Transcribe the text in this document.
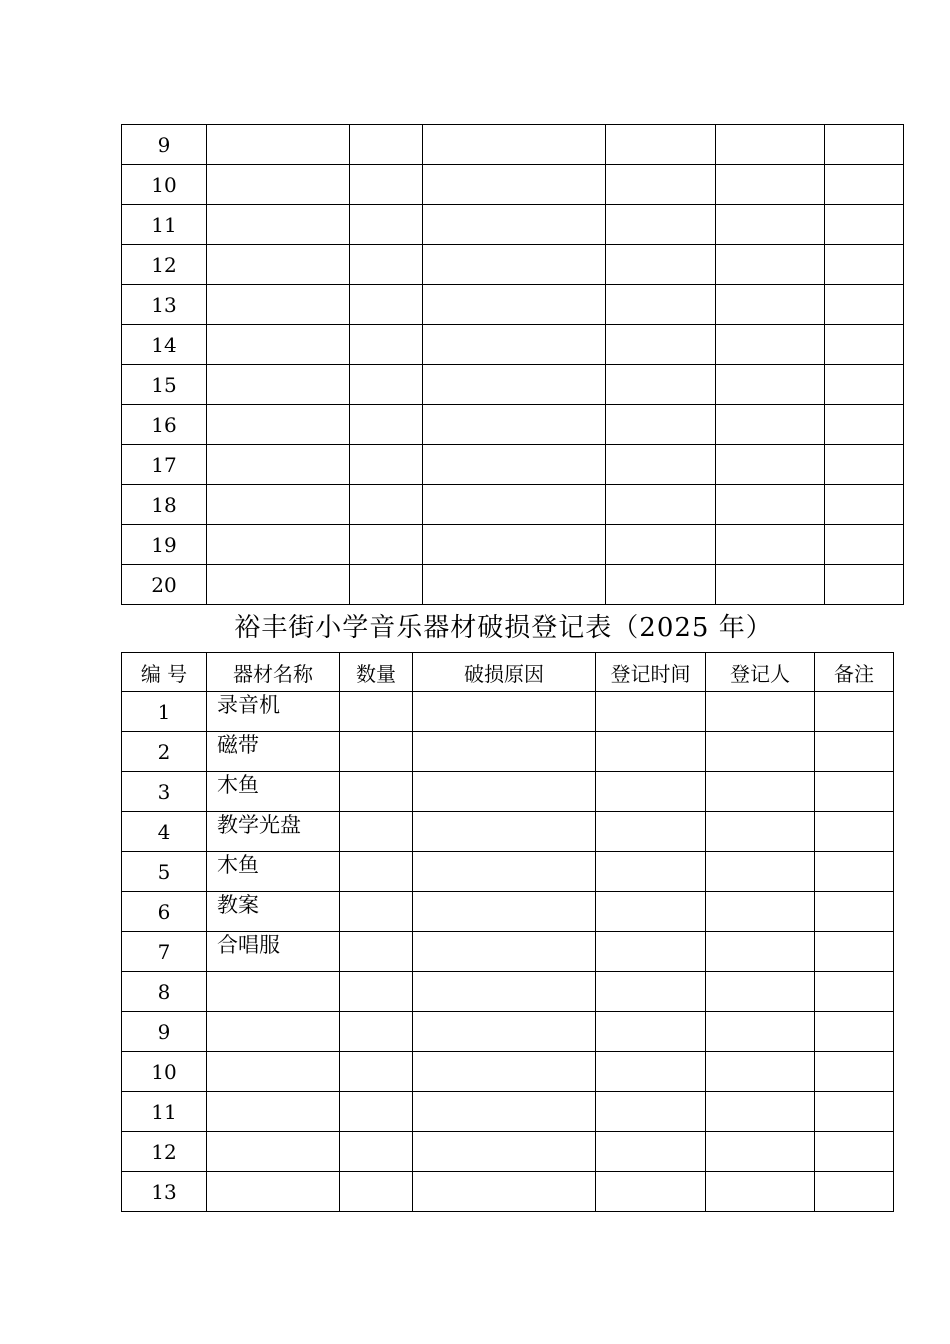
9						
10						
11						
12						
13						
14						
15						
16						
17						
18						
19						
20						
裕丰街小学音乐器材破损登记表（2025 年）
编 号	器材名称	数量	破损原因	登记时间	登记人	备注
1	录音机					
2	磁带					
3	木鱼					
4	教学光盘					
5	木鱼					
6	教案					
7	合唱服					
8						
9						
10						
11						
12						
13						
